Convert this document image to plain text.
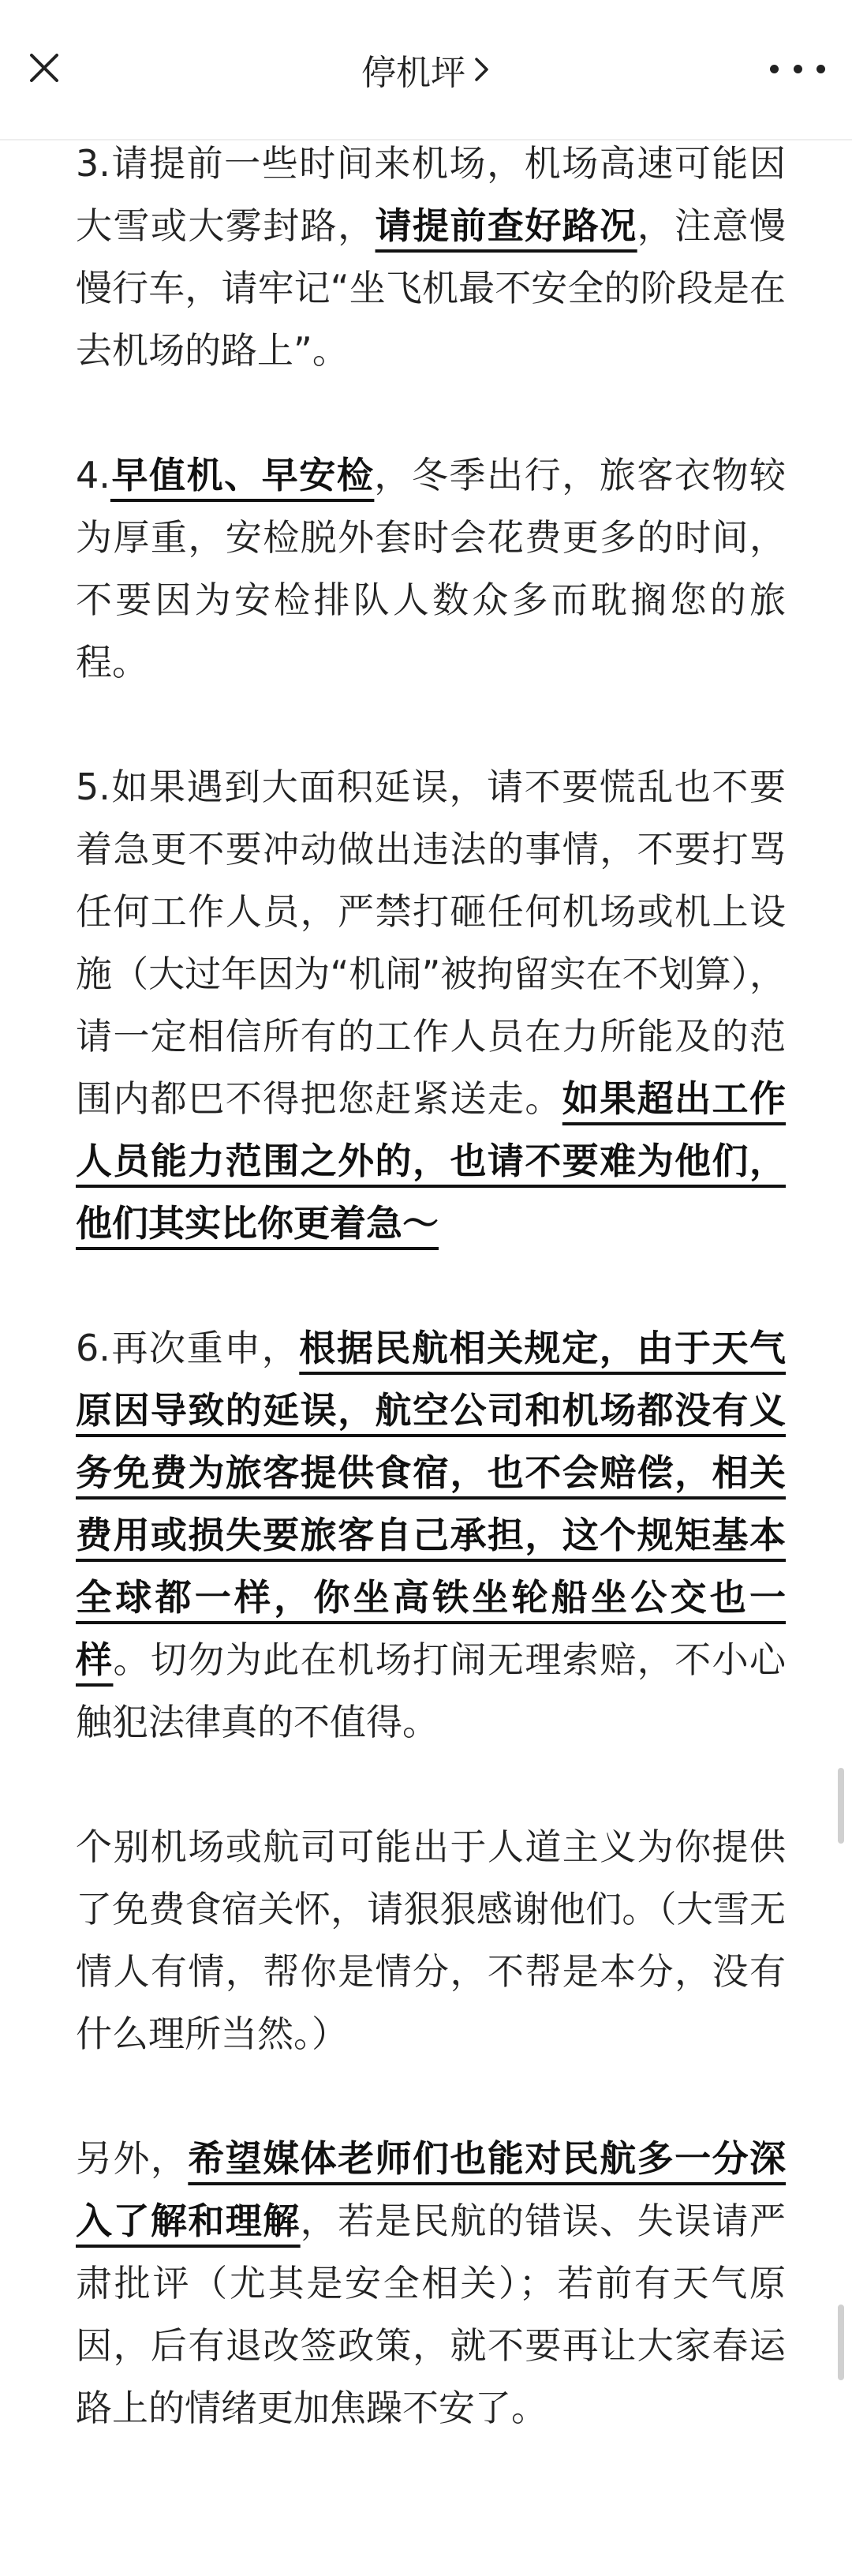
停机坪

3.请提前一些时间来机场，机场高速可能因大雪或大雾封路，请提前查好路况，注意慢慢行车，请牢记“坐飞机最不安全的阶段是在去机场的路上”。

4.早值机、早安检，冬季出行，旅客衣物较为厚重，安检脱外套时会花费更多的时间，不要因为安检排队人数众多而耽搁您的旅程。

5.如果遇到大面积延误，请不要慌乱也不要着急更不要冲动做出违法的事情，不要打骂任何工作人员，严禁打砸任何机场或机上设施（大过年因为“机闹”被拘留实在不划算），请一定相信所有的工作人员在力所能及的范围内都巴不得把您赶紧送走。如果超出工作人员能力范围之外的，也请不要难为他们，他们其实比你更着急～

6.再次重申，根据民航相关规定，由于天气原因导致的延误，航空公司和机场都没有义务免费为旅客提供食宿，也不会赔偿，相关费用或损失要旅客自己承担，这个规矩基本全球都一样，你坐高铁坐轮船坐公交也一样。切勿为此在机场打闹无理索赔，不小心触犯法律真的不值得。

个别机场或航司可能出于人道主义为你提供了免费食宿关怀，请狠狠感谢他们。（大雪无情人有情，帮你是情分，不帮是本分，没有什么理所当然。）

另外，希望媒体老师们也能对民航多一分深入了解和理解，若是民航的错误、失误请严肃批评（尤其是安全相关）；若前有天气原因，后有退改签政策，就不要再让大家春运路上的情绪更加焦躁不安了。
